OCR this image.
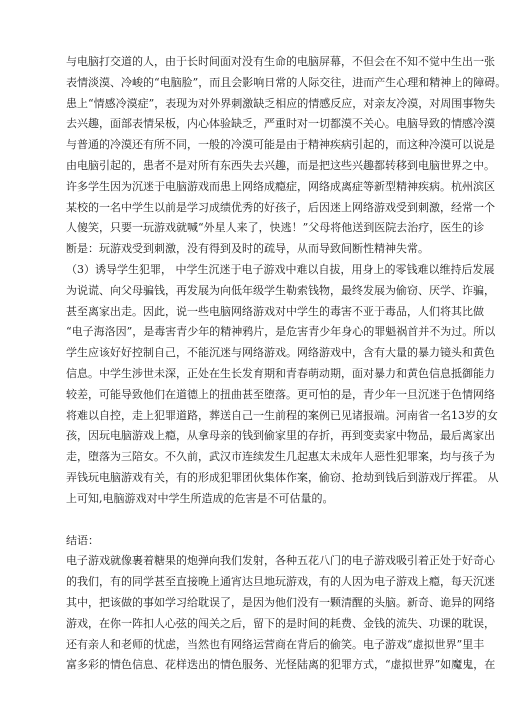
与电脑打交道的人，由于长时间面对没有生命的电脑屏幕，不但会在不知不觉中生出一张
表情淡漠、冷峻的“电脑脸”，而且会影响日常的人际交往，进而产生心理和精神上的障碍。
患上“情感冷漠症”，表现为对外界刺激缺乏相应的情感反应，对亲友冷漠，对周围事物失
去兴趣，面部表情呆板，内心体验缺乏，严重时对一切都漠不关心。电脑导致的情感冷漠
与普通的冷漠还有所不同，一般的冷漠可能是由于精神疾病引起的，而这种冷漠可以说是
由电脑引起的，患者不是对所有东西失去兴趣，而是把这些兴趣都转移到电脑世界之中。
许多学生因为沉迷于电脑游戏而患上网络成瘾症，网络成离症等新型精神疾病。杭州滨区
某校的一名中学生以前是学习成绩优秀的好孩子，后因迷上网络游戏受到刺激，经常一个
人傻笑，只要一玩游戏就喊“外星人来了，快逃！”父母将他送到医院去治疗，医生的诊
断是：玩游戏受到刺激，没有得到及时的疏导，从而导致间断性精神失常。
（3）诱导学生犯罪， 中学生沉迷于电子游戏中难以自拔，用身上的零钱难以维持后发展
为说谎、向父母骗钱，再发展为向低年级学生勒索钱物，最终发展为偷窃、厌学、诈骗，
甚至离家出走。因此，说一些电脑网络游戏对中学生的毒害不亚于毒品，人们将其比做
“电子海洛因”，是毒害青少年的精神鸦片，是危害青少年身心的罪魁祸首并不为过。所以
学生应该好好控制自己，不能沉迷与网络游戏。网络游戏中，含有大量的暴力镜头和黄色
信息。中学生涉世未深，正处在生长发育期和青春萌动期，面对暴力和黄色信息抵御能力
较差，可能导致他们在道德上的扭曲甚至堕落。更可怕的是，青少年一旦沉迷于色情网络
将难以自控，走上犯罪道路，葬送自己一生前程的案例已见诸报端。河南省一名13岁的女
孩，因玩电脑游戏上瘾，从拿母亲的钱到偷家里的存折，再到变卖家中物品，最后离家出
走，堕落为三陪女。不久前，武汉市连续发生几起惠太未成年人惡性犯罪案，均与孩子为
弄钱玩电脑游戏有关，有的形成犯罪团伙集体作案，偷窃、抢劫到钱后到游戏厅挥霍。 从
上可知,电脑游戏对中学生所造成的危害是不可估量的。
结语：
电子游戏就像裹着糖果的炮弹向我们发射，各种五花八门的电子游戏吸引着正处于好奇心
的我们，有的同学甚至直接晚上通宵达旦地玩游戏，有的人因为电子游戏上瘾，每天沉迷
其中，把该做的事如学习给耽误了，是因为他们没有一颗清醒的头脑。新奇、诡异的网络
游戏，在你一阵扣人心弦的闯关之后，留下的是时间的耗费、金钱的流失、功课的耽误，
还有亲人和老师的忧虑，当然也有网络运营商在背后的偷笑。电子游戏“虚拟世界”里丰
富多彩的情色信息、花样迭出的情色服务、光怪陆离的犯罪方式，“虚拟世界”如魔鬼，在
